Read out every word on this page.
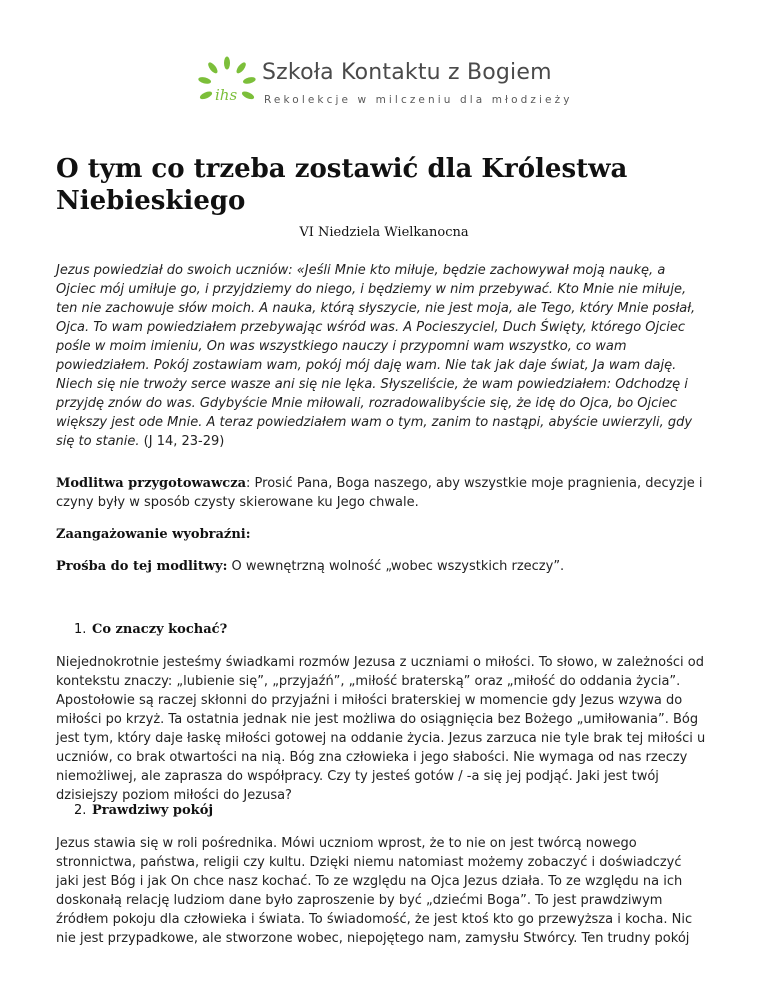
ihs
Szkoła Kontaktu z Bogiem
Rekolekcje w milczeniu dla młodzieży
O tym co trzeba zostawić dla Królestwa Niebieskiego
VI Niedziela Wielkanocna

Jezus powiedział do swoich uczniów: «Jeśli Mnie kto miłuje, będzie zachowywał moją naukę, a Ojciec mój umiłuje go, i przyjdziemy do niego, i będziemy w nim przebywać. Kto Mnie nie miłuje, ten nie zachowuje słów moich. A nauka, którą słyszycie, nie jest moja, ale Tego, który Mnie posłał, Ojca. To wam powiedziałem przebywając wśród was. A Pocieszyciel, Duch Święty, którego Ojciec pośle w moim imieniu, On was wszystkiego nauczy i przypomni wam wszystko, co wam powiedziałem. Pokój zostawiam wam, pokój mój daję wam. Nie tak jak daje świat, Ja wam daję. Niech się nie trwoży serce wasze ani się nie lęka. Słyszeliście, że wam powiedziałem: Odchodzę i przyjdę znów do was. Gdybyście Mnie miłowali, rozradowalibyście się, że idę do Ojca, bo Ojciec większy jest ode Mnie. A teraz powiedziałem wam o tym, zanim to nastąpi, abyście uwierzyli, gdy się to stanie. (J 14, 23-29)

Modlitwa przygotowawcza: Prosić Pana, Boga naszego, aby wszystkie moje pragnienia, decyzje i czyny były w sposób czysty skierowane ku Jego chwale.

Zaangażowanie wyobraźni:

Prośba do tej modlitwy: O wewnętrzną wolność „wobec wszystkich rzeczy”.

1. Co znaczy kochać?

Niejednokrotnie jesteśmy świadkami rozmów Jezusa z uczniami o miłości. To słowo, w zależności od kontekstu znaczy: „lubienie się”, „przyjaźń”, „miłość braterską” oraz „miłość do oddania życia”. Apostołowie są raczej skłonni do przyjaźni i miłości braterskiej w momencie gdy Jezus wzywa do miłości po krzyż. Ta ostatnia jednak nie jest możliwa do osiągnięcia bez Bożego „umiłowania”. Bóg jest tym, który daje łaskę miłości gotowej na oddanie życia. Jezus zarzuca nie tyle brak tej miłości u uczniów, co brak otwartości na nią. Bóg zna człowieka i jego słabości. Nie wymaga od nas rzeczy niemożliwej, ale zaprasza do współpracy. Czy ty jesteś gotów / -a się jej podjąć. Jaki jest twój dzisiejszy poziom miłości do Jezusa?

2. Prawdziwy pokój

Jezus stawia się w roli pośrednika. Mówi uczniom wprost, że to nie on jest twórcą nowego stronnictwa, państwa, religii czy kultu. Dzięki niemu natomiast możemy zobaczyć i doświadczyć jaki jest Bóg i jak On chce nasz kochać. To ze względu na Ojca Jezus działa. To ze względu na ich doskonałą relację ludziom dane było zaproszenie by być „dziećmi Boga”. To jest prawdziwym źródłem pokoju dla człowieka i świata. To świadomość, że jest ktoś kto go przewyższa i kocha. Nic nie jest przypadkowe, ale stworzone wobec, niepojętego nam, zamysłu Stwórcy. Ten trudny pokój
